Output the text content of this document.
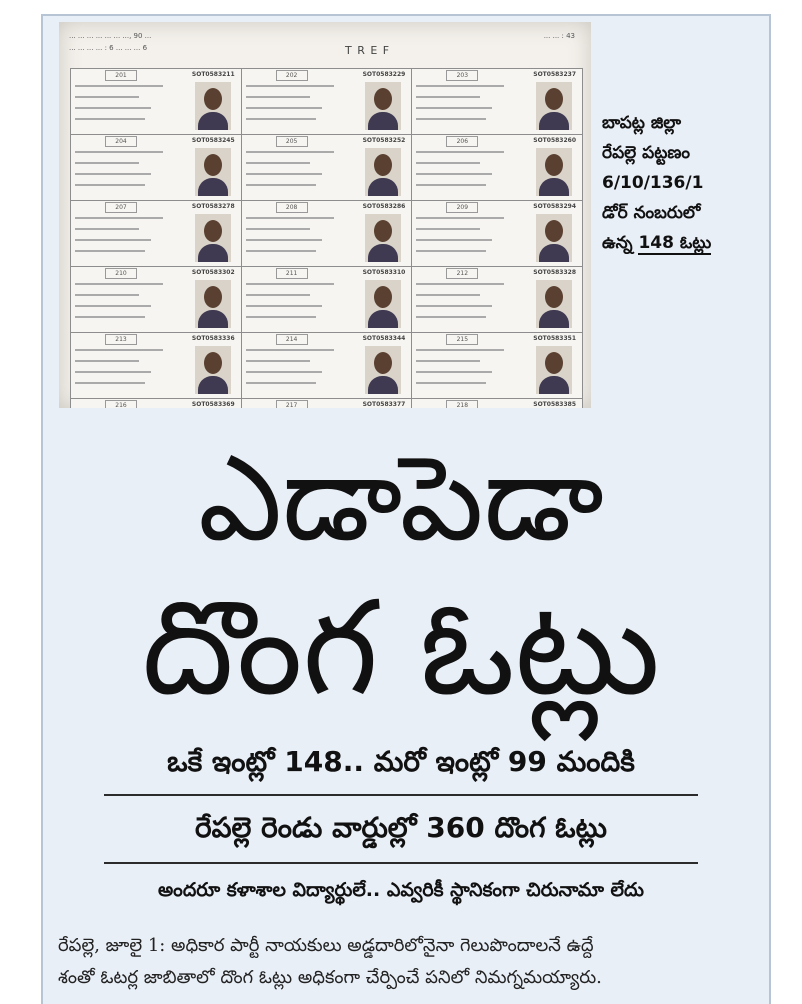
... ... ... ... ... ... ..., 90 ...
... ... ... ... : 6 ... ... ... 6	T R E F
... ... : 43
201	SOT0583211	202	SOT0583229	203	SOT0583237
204	SOT0583245	205	SOT0583252	206	SOT0583260
207	SOT0583278	208	SOT0583286	209	SOT0583294
210	SOT0583302	211	SOT0583310	212	SOT0583328
213	SOT0583336	214	SOT0583344	215	SOT0583351
216	SOT0583369	217	SOT0583377	218	SOT0583385
బాపట్ల జిల్లా
రేపల్లె పట్టణం
6/10/136/1
డోర్ నంబరులో
ఉన్న 148 ఓట్లు
ఎడాపెడా
దొంగ ఓట్లు
ఒకే ఇంట్లో 148.. మరో ఇంట్లో 99 మందికి
రేపల్లె రెండు వార్డుల్లో 360 దొంగ ఓట్లు
అందరూ కళాశాల విద్యార్థులే.. ఎవ్వరికీ స్థానికంగా చిరునామా లేదు
రేపల్లె, జూలై 1: అధికార పార్టీ నాయకులు అడ్డదారిలోనైనా గెలుపొందాలనే ఉద్దే
శంతో ఓటర్ల జాబితాలో దొంగ ఓట్లు అధికంగా చేర్పించే పనిలో నిమగ్నమయ్యారు.
